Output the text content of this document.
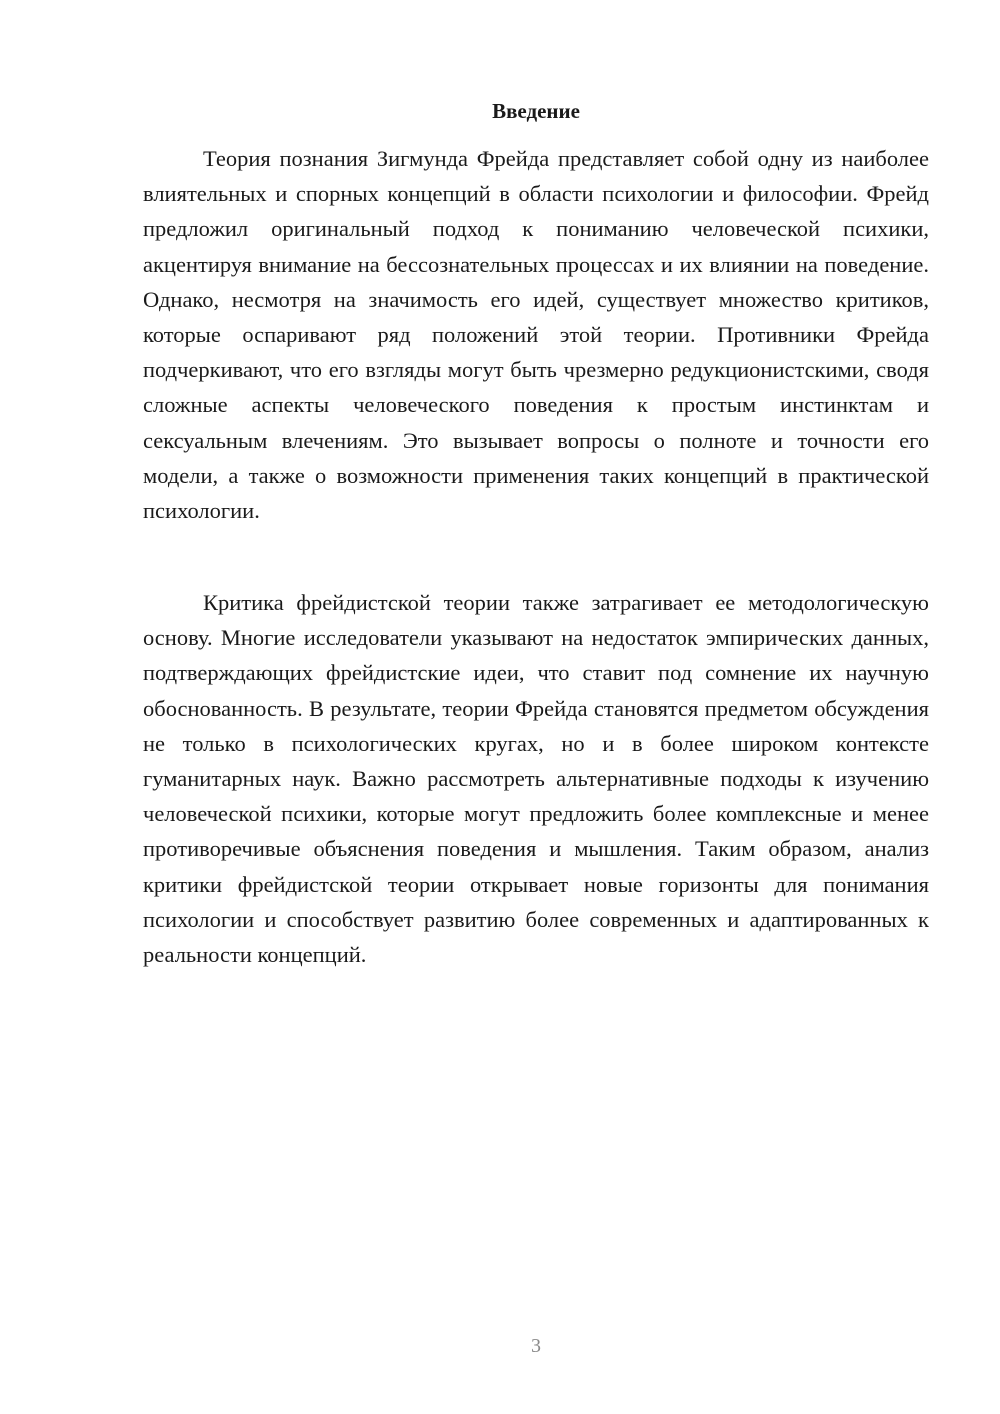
Введение

Теория познания Зигмунда Фрейда представляет собой одну из наиболее влиятельных и спорных концепций в области психологии и философии. Фрейд предложил оригинальный подход к пониманию человеческой психики, акцентируя внимание на бессознательных процессах и их влиянии на поведение. Однако, несмотря на значимость его идей, существует множество критиков, которые оспаривают ряд положений этой теории. Противники Фрейда подчеркивают, что его взгляды могут быть чрезмерно редукционистскими, сводя сложные аспекты человеческого поведения к простым инстинктам и сексуальным влечениям. Это вызывает вопросы о полноте и точности его модели, а также о возможности применения таких концепций в практической психологии.

Критика фрейдистской теории также затрагивает ее методологическую основу. Многие исследователи указывают на недостаток эмпирических данных, подтверждающих фрейдистские идеи, что ставит под сомнение их научную обоснованность. В результате, теории Фрейда становятся предметом обсуждения не только в психологических кругах, но и в более широком контексте гуманитарных наук. Важно рассмотреть альтернативные подходы к изучению человеческой психики, которые могут предложить более комплексные и менее противоречивые объяснения поведения и мышления. Таким образом, анализ критики фрейдистской теории открывает новые горизонты для понимания психологии и способствует развитию более современных и адаптированных к реальности концепций.

3
